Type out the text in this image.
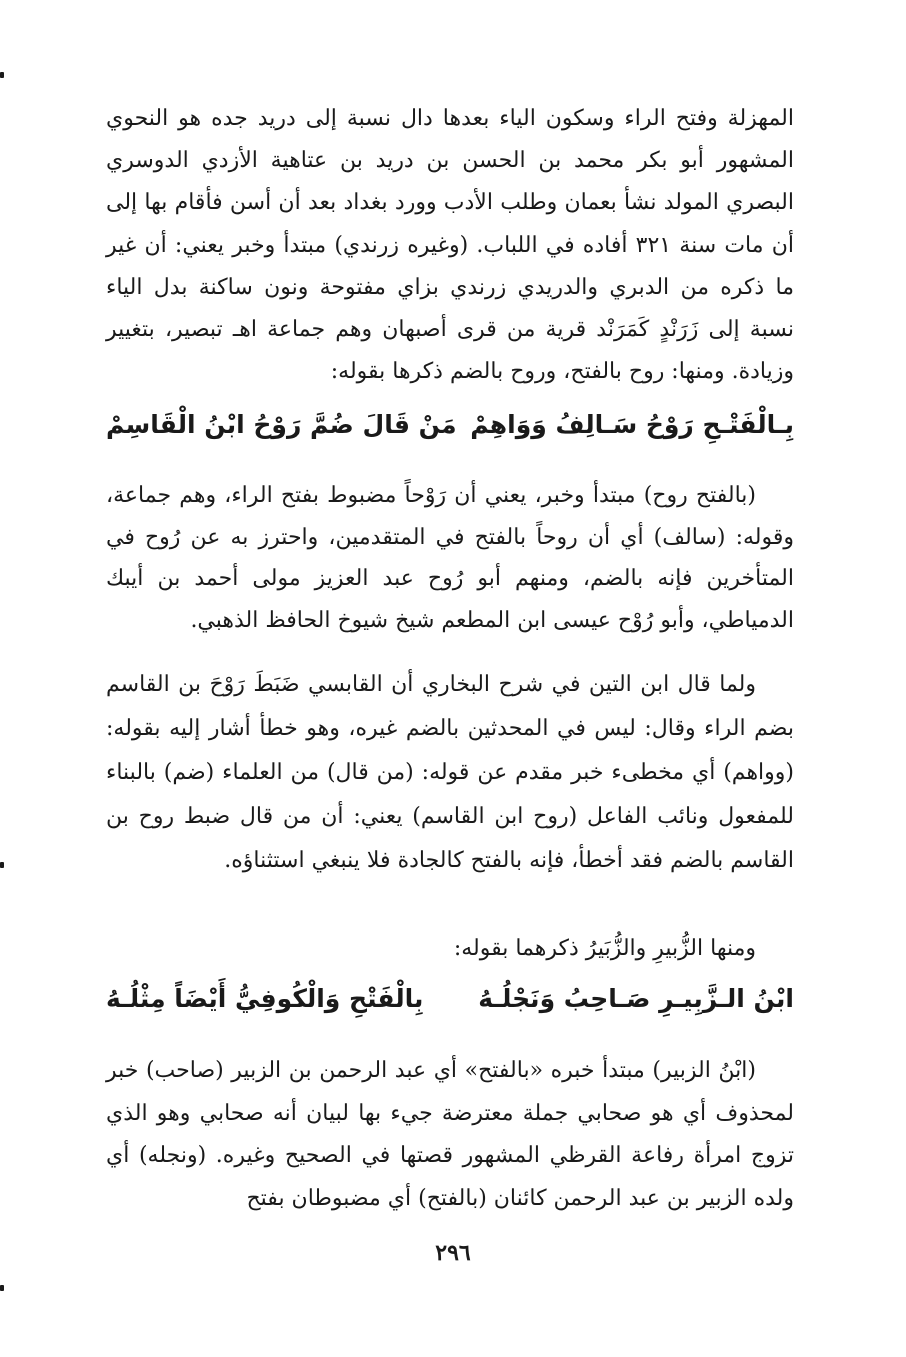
المهزلة وفتح الراء وسكون الياء بعدها دال نسبة إلى دريد جده هو النحوي المشهور أبو بكر محمد بن الحسن بن دريد بن عتاهية الأزدي الدوسري البصري المولد نشأ بعمان وطلب الأدب وورد بغداد بعد أن أسن فأقام بها إلى أن مات سنة ٣٢١ أفاده في اللباب. (وغيره زرندي) مبتدأ وخبر يعني: أن غير ما ذكره من الدبري والدريدي زرندي بزاي مفتوحة ونون ساكنة بدل الياء نسبة إلى زَرَنْدٍ كَمَرَنْد قرية من قرى أصبهان وهم جماعة اهـ تبصير، بتغيير وزيادة. ومنها: روح بالفتح، وروح بالضم ذكرها بقوله:

بِـالْفَتْـحِ رَوْحُ سَـالِفُ وَوَاهِمْ
مَنْ قَالَ ضُمَّ رَوْحُ ابْنُ الْقَاسِمْ

(بالفتح روح) مبتدأ وخبر، يعني أن رَوْحاً مضبوط بفتح الراء، وهم جماعة، وقوله: (سالف) أي أن روحاً بالفتح في المتقدمين، واحترز به عن رُوح في المتأخرين فإنه بالضم، ومنهم أبو رُوح عبد العزيز مولى أحمد بن أيبك الدمياطي، وأبو رُوْح عيسى ابن المطعم شيخ شيوخ الحافظ الذهبي.

ولما قال ابن التين في شرح البخاري أن القابسي ضَبَطَ رَوْحَ بن القاسم بضم الراء وقال: ليس في المحدثين بالضم غيره، وهو خطأ أشار إليه بقوله: (وواهم) أي مخطىء خبر مقدم عن قوله: (من قال) من العلماء (ضم) بالبناء للمفعول ونائب الفاعل (روح ابن القاسم) يعني: أن من قال ضبط روح بن القاسم بالضم فقد أخطأ، فإنه بالفتح كالجادة فلا ينبغي استثناؤه.

ومنها الزُّبيرِ والزُّبَيرُ ذكرهما بقوله:
ابْنُ الـزَّبِيـرِ صَـاحِبُ وَنَجْلُـهُ
بِالْفَتْحِ وَالْكُوفِيُّ أَيْضَاً مِثْلُـهُ

(ابْنُ الزبير) مبتدأ خبره «بالفتح» أي عبد الرحمن بن الزبير (صاحب) خبر لمحذوف أي هو صحابي جملة معترضة جيء بها لبيان أنه صحابي وهو الذي تزوج امرأة رفاعة القرظي المشهور قصتها في الصحيح وغيره. (ونجله) أي ولده الزبير بن عبد الرحمن كائنان (بالفتح) أي مضبوطان بفتح

٢٩٦
